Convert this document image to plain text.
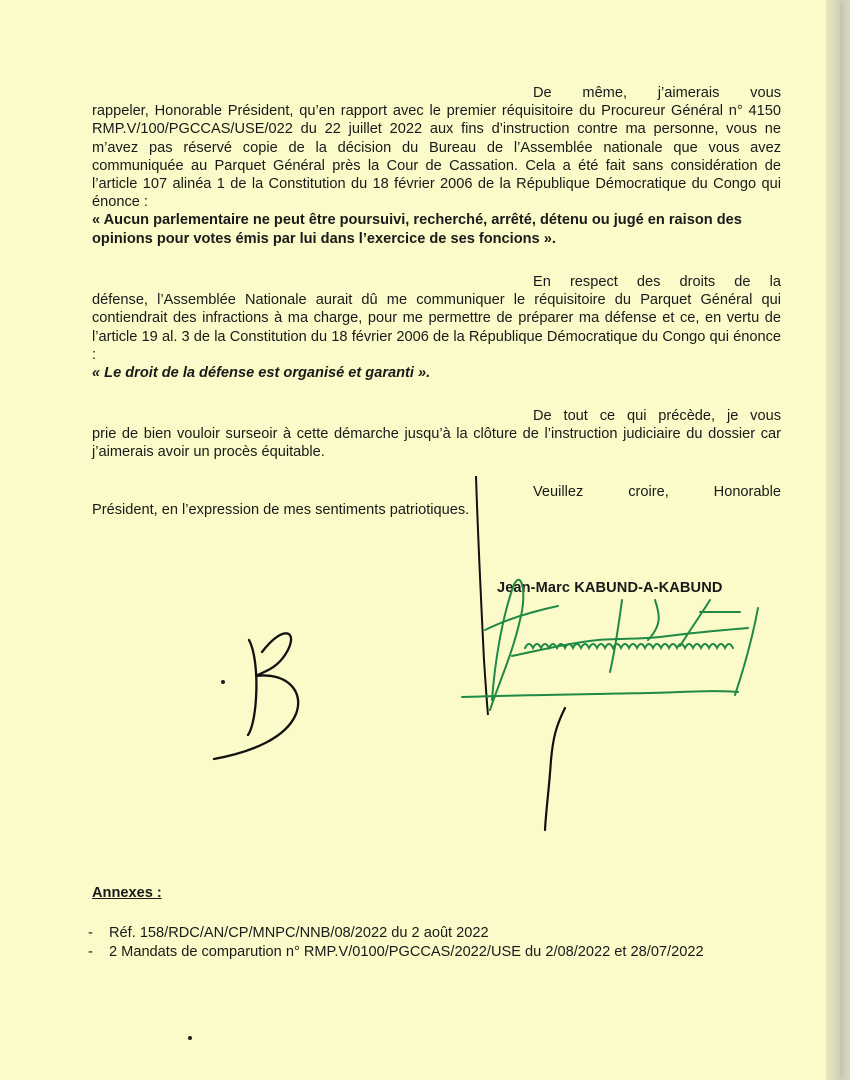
De même, j’aimerais vous
rappeler, Honorable Président, qu’en rapport avec le premier réquisitoire du Procureur Général n° 4150 RMP.V/100/PGCCAS/USE/022 du 22 juillet 2022 aux fins d’instruction contre ma personne, vous ne m’avez pas réservé copie de la décision du Bureau de l’Assemblée nationale que vous avez communiquée au Parquet Général près la Cour de Cassation. Cela a été fait sans considération de l’article 107 alinéa 1 de la Constitution du 18 février 2006 de la République Démocratique du Congo qui énonce :

« Aucun parlementaire ne peut être poursuivi, recherché, arrêté, détenu ou jugé en raison des opinions pour votes émis par lui dans l’exercice de ses foncions ».

En respect des droits de la
défense, l’Assemblée Nationale aurait dû me communiquer le réquisitoire du Parquet Général qui contiendrait des infractions à ma charge, pour me permettre de préparer ma défense et ce, en vertu de l’article 19 al. 3 de la Constitution du 18 février 2006 de la République Démocratique du Congo qui énonce :

« Le droit de la défense est organisé et garanti ».

De tout ce qui précède, je vous
prie de bien vouloir surseoir à cette démarche jusqu’à la clôture de l’instruction judiciaire du dossier car j’aimerais avoir un procès équitable.

Veuillez croire, Honorable
Président, en l’expression de mes sentiments patriotiques.

Jean-Marc KABUND-A-KABUND
Annexes :
- Réf. 158/RDC/AN/CP/MNPC/NNB/08/2022 du 2 août 2022
- 2 Mandats de comparution n° RMP.V/0100/PGCCAS/2022/USE du 2/08/2022 et 28/07/2022
